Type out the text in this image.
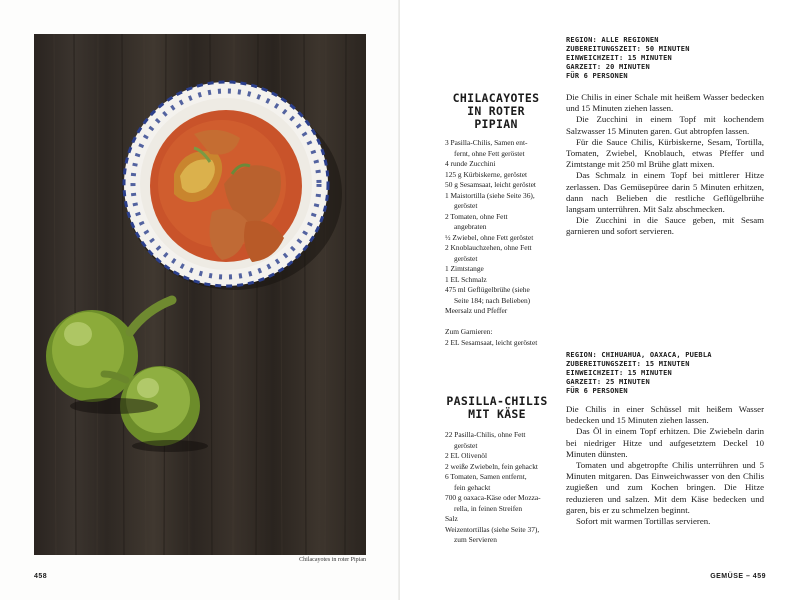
Chilacayotes in roter Pipian
458
REGION: ALLE REGIONEN
ZUBEREITUNGSZEIT: 50 MINUTEN
EINWEICHZEIT: 15 MINUTEN
GARZEIT: 20 MINUTEN
FÜR 6 PERSONEN
CHILACAYOTES
IN ROTER
PIPIAN
3 Pasilla-Chilis, Samen ent-
fernt, ohne Fett geröstet
4 runde Zucchini
125 g Kürbiskerne, geröstet
50 g Sesamsaat, leicht geröstet
1 Maistortilla (siehe Seite 36),
geröstet
2 Tomaten, ohne Fett
angebraten
½ Zwiebel, ohne Fett geröstet
2 Knoblauchzehen, ohne Fett
geröstet
1 Zimtstange
1 EL Schmalz
475 ml Geflügelbrühe (siehe
Seite 184; nach Belieben)
Meersalz und Pfeffer
Zum Garnieren:
2 EL Sesamsaat, leicht geröstet

Die Chilis in einer Schale mit heißem Wasser bedecken und 15 Minuten ziehen lassen.

Die Zucchini in einem Topf mit kochendem Salzwasser 15 Minuten garen. Gut abtropfen lassen.

Für die Sauce Chilis, Kürbiskerne, Sesam, Tortilla, Tomaten, Zwiebel, Knoblauch, etwas Pfeffer und Zimtstange mit 250 ml Brühe glatt mixen.

Das Schmalz in einem Topf bei mittlerer Hitze zerlassen. Das Gemüsepüree darin 5 Minuten erhitzen, dann nach Belieben die restliche Geflügelbrühe langsam unterrühren. Mit Salz abschmecken.

Die Zucchini in die Sauce geben, mit Sesam garnieren und sofort servieren.

REGION: CHIHUAHUA, OAXACA, PUEBLA
ZUBEREITUNGSZEIT: 15 MINUTEN
EINWEICHZEIT: 15 MINUTEN
GARZEIT: 25 MINUTEN
FÜR 6 PERSONEN
PASILLA-CHILIS
MIT KÄSE
22 Pasilla-Chilis, ohne Fett
geröstet
2 EL Olivenöl
2 weiße Zwiebeln, fein gehackt
6 Tomaten, Samen entfernt,
fein gehackt
700 g oaxaca-Käse oder Mozza-
rella, in feinen Streifen
Salz
Weizentortillas (siehe Seite 37),
zum Servieren

Die Chilis in einer Schüssel mit heißem Wasser bedecken und 15 Minuten ziehen lassen.

Das Öl in einem Topf erhitzen. Die Zwiebeln darin bei niedriger Hitze und aufgesetztem Deckel 10 Minuten dünsten.

Tomaten und abgetropfte Chilis unterrühren und 5 Minuten mitgaren. Das Einweichwasser von den Chilis zugießen und zum Kochen bringen. Die Hitze reduzieren und salzen. Mit dem Käse bedecken und garen, bis er zu schmelzen beginnt.

Sofort mit warmen Tortillas servieren.

GEMÜSE – 459
